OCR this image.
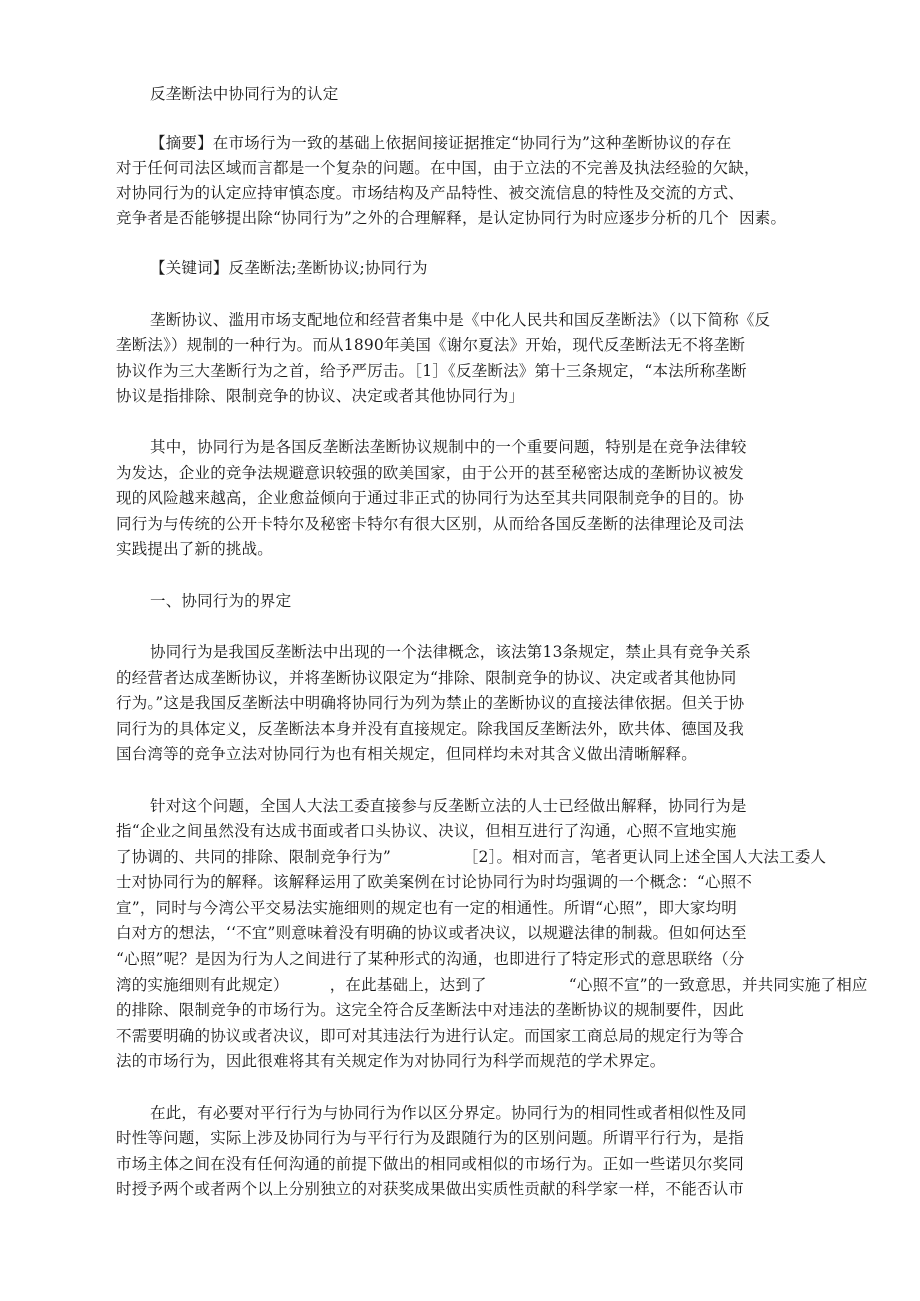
反垄断法中协同行为的认定
【摘要】在市场行为一致的基础上依据间接证据推定“协同行为”这种垄断协议的存在
对于任何司法区域而言都是一个复杂的问题。在中国，由于立法的不完善及执法经验的欠缺，
对协同行为的认定应持审慎态度。市场结构及产品特性、被交流信息的特性及交流的方式、
竞争者是否能够提出除“协同行为”之外的合理解释，是认定协同行为时应逐步分析的几个  因素。
【关键词】反垄断法;垄断协议;协同行为
垄断协议、滥用市场支配地位和经营者集中是《中化人民共和国反垄断法》（以下简称《反
垄断法》）规制的一种行为。而从1890年美国《谢尔夏法》开始，现代反垄断法无不将垄断
协议作为三大垄断行为之首，给予严厉击。［1］《反垄断法》第十三条规定，“本法所称垄断
协议是指排除、限制竞争的协议、决定或者其他协同行为」
其中，协同行为是各国反垄断法垄断协议规制中的一个重要问题，特别是在竞争法律较
为发达，企业的竞争法规避意识较强的欧美国家，由于公开的甚至秘密达成的垄断协议被发
现的风险越来越高，企业愈益倾向于通过非正式的协同行为达至其共同限制竞争的目的。协
同行为与传统的公开卡特尔及秘密卡特尔有很大区别，从而给各国反垄断的法律理论及司法
实践提出了新的挑战。
一、协同行为的界定
协同行为是我国反垄断法中出现的一个法律概念，该法第13条规定，禁止具有竞争关系
的经营者达成垄断协议，并将垄断协议限定为“排除、限制竞争的协议、决定或者其他协同
行为。”这是我国反垄断法中明确将协同行为列为禁止的垄断协议的直接法律依据。但关于协
同行为的具体定义，反垄断法本身并没有直接规定。除我国反垄断法外，欧共体、德国及我
国台湾等的竞争立法对协同行为也有相关规定，但同样均未对其含义做出清晰解释。
针对这个问题，全国人大法工委直接参与反垄断立法的人士已经做出解释，协同行为是
指“企业之间虽然没有达成书面或者口头协议、决议，但相互进行了沟通，心照不宣地实施
了协调的、共同的排除、限制竞争行为”              ［2］。相对而言，笔者更认同上述全国人大法工委人
士对协同行为的解释。该解释运用了欧美案例在讨论协同行为时均强调的一个概念：“心照不
宣”，同时与今湾公平交易法实施细则的规定也有一定的相通性。所谓“心照”，即大家均明
白对方的想法，‘‘不宜”则意味着没有明确的协议或者决议，以规避法律的制裁。但如何达至
“心照”呢？是因为行为人之间进行了某种形式的沟通，也即进行了特定形式的意思联络（分
湾的实施细则有此规定）        ，在此基础上，达到了                “心照不宣”的一致意思，并共同实施了相应
的排除、限制竞争的市场行为。这完全符合反垄断法中对违法的垄断协议的规制要件，因此
不需要明确的协议或者决议，即可对其违法行为进行认定。而国家工商总局的规定行为等合
法的市场行为，因此很难将其有关规定作为对协同行为科学而规范的学术界定。
在此，有必要对平行行为与协同行为作以区分界定。协同行为的相同性或者相似性及同
时性等问题，实际上涉及协同行为与平行行为及跟随行为的区别问题。所谓平行行为，是指
市场主体之间在没有任何沟通的前提下做出的相同或相似的市场行为。正如一些诺贝尔奖同
时授予两个或者两个以上分别独立的对获奖成果做出实质性贡献的科学家一样，不能否认市
